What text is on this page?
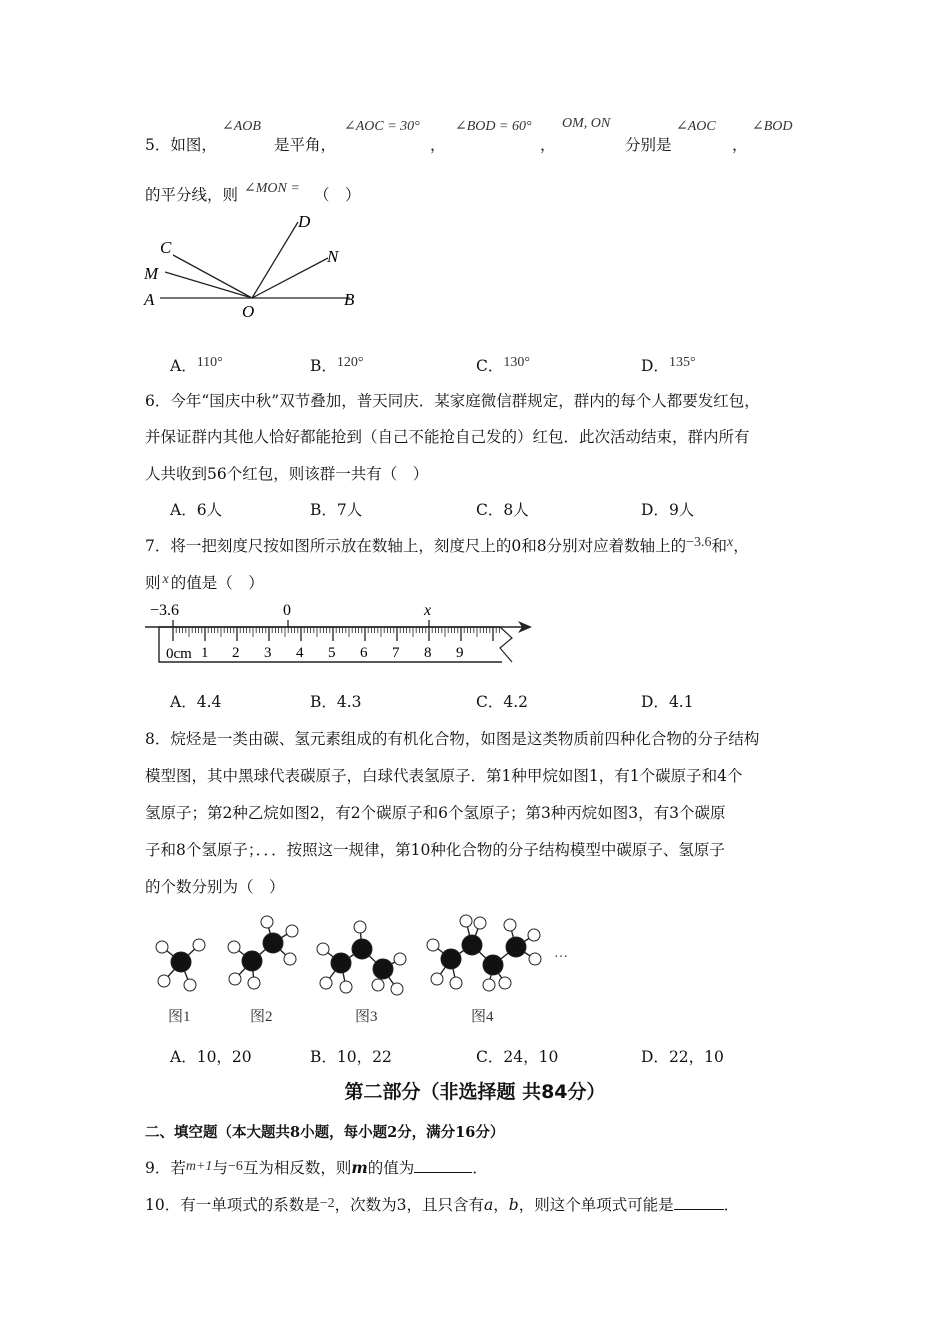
5．如图，
∠AOB
是平角，
∠AOC = 30°
，
∠BOD = 60°
，
OM, ON
分别是
∠AOC
，
∠BOD
的平分线，则 ∠MON = （　）
C
M
A
O
B
D
N
A．110°	B．120°	C．130°	D．135°
6．今年“国庆中秋”双节叠加，普天同庆．某家庭微信群规定，群内的每个人都要发红包，
并保证群内其他人恰好都能抢到（自己不能抢自己发的）红包．此次活动结束，群内所有
人共收到56个红包，则该群一共有（　）
A．6人	B．7人	C．8人	D．9人
7．将一把刻度尺按如图所示放在数轴上，刻度尺上的0和8分别对应着数轴上的−3.6和x，
则 x 的值是（　）
−3.6	0	x
0cm 1 2 3 4 5 6 7 8 9
A．4.4	B．4.3	C．4.2	D．4.1
8．烷烃是一类由碳、氢元素组成的有机化合物，如图是这类物质前四种化合物的分子结构
模型图，其中黑球代表碳原子，白球代表氢原子．第1种甲烷如图1，有1个碳原子和4个
氢原子；第2种乙烷如图2，有2个碳原子和6个氢原子；第3种丙烷如图3，有3个碳原
子和8个氢原子；．．．按照这一规律，第10种化合物的分子结构模型中碳原子、氢原子
的个数分别为（　）
···
图1	图2	图3	图4
A．10，20	B．10，22	C．24，10	D．22，10
第二部分（非选择题 共84分）
二、填空题（本大题共8小题，每小题2分，满分16分）
9．若m+1与−6互为相反数，则m的值为	．
10．有一单项式的系数是−2，次数为3，且只含有a，b，则这个单项式可能是	．
